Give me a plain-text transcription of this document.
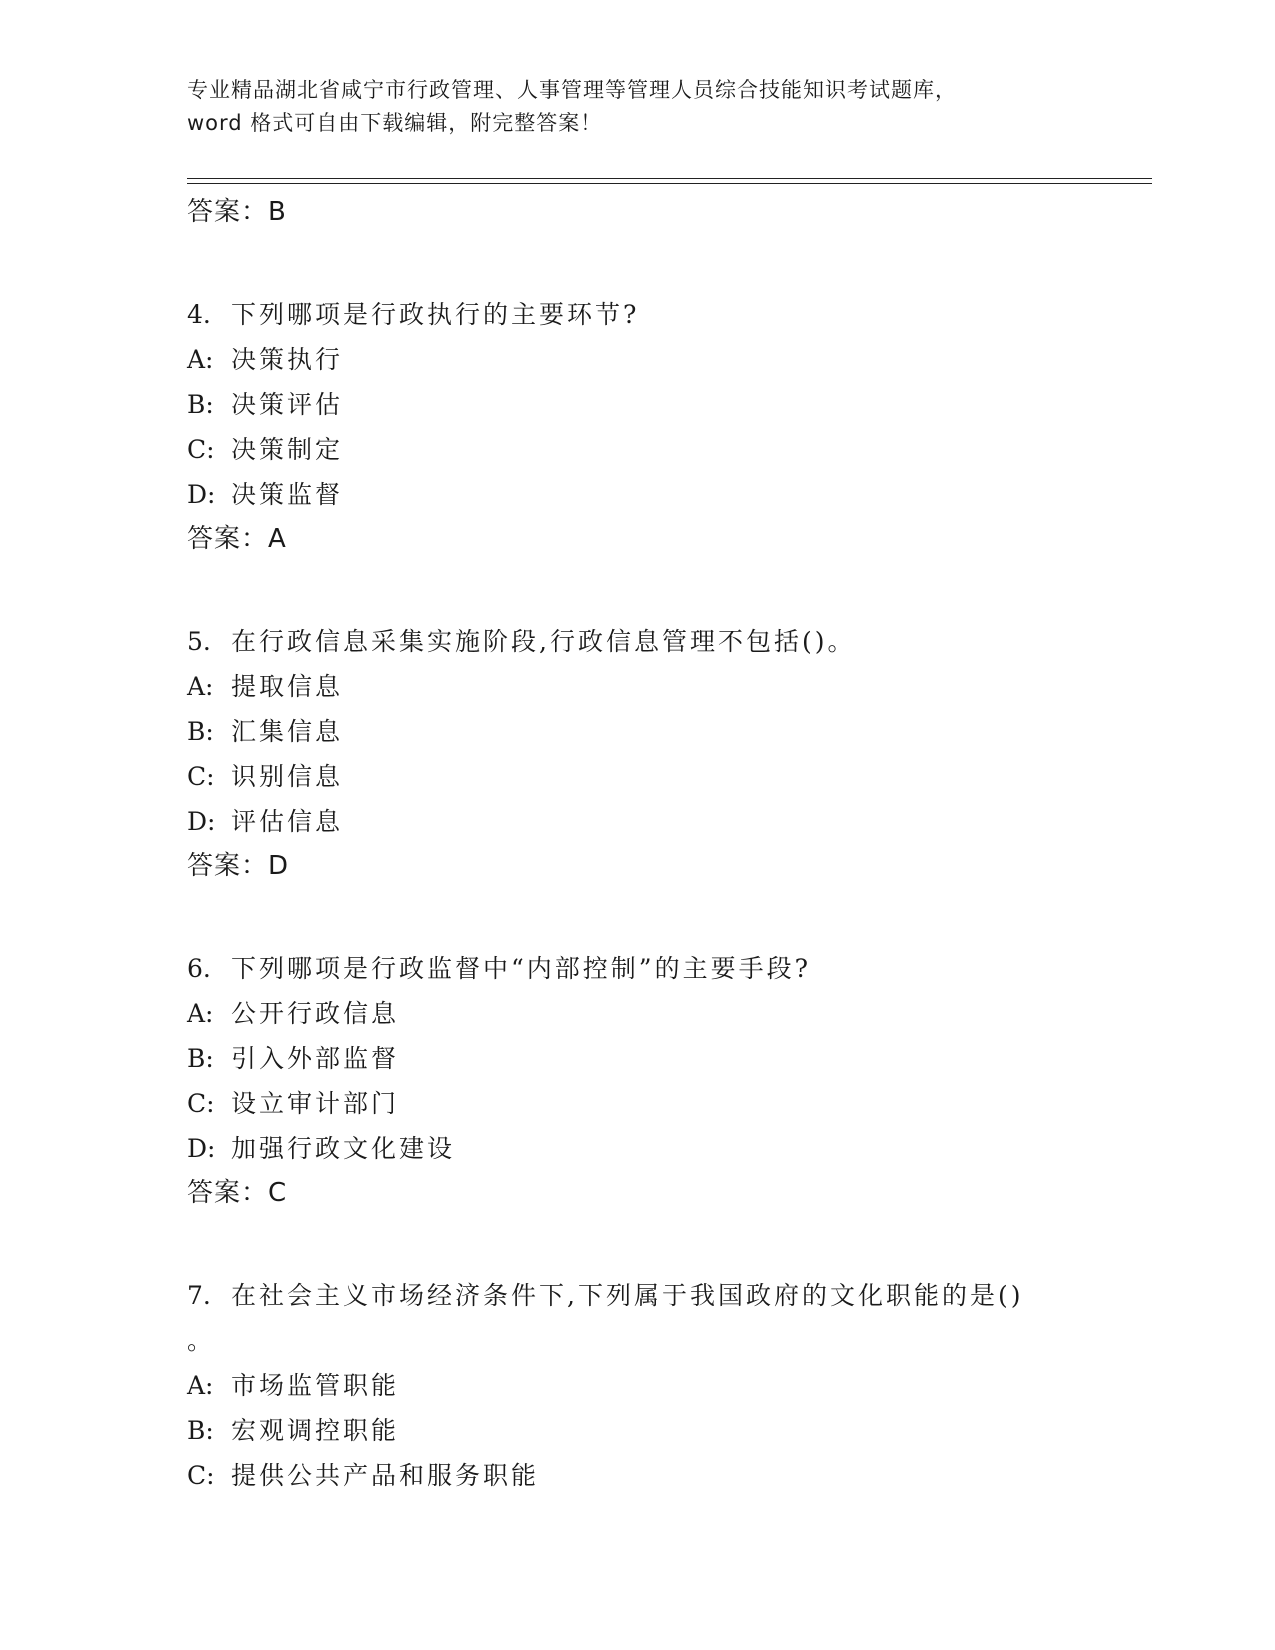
专业精品湖北省咸宁市行政管理、人事管理等管理人员综合技能知识考试题库，
word 格式可自由下载编辑，附完整答案！
答案：B
4. 下列哪项是行政执行的主要环节?
A: 决策执行
B: 决策评估
C: 决策制定
D: 决策监督
答案：A
5. 在行政信息采集实施阶段,行政信息管理不包括()。
A: 提取信息
B: 汇集信息
C: 识别信息
D: 评估信息
答案：D
6. 下列哪项是行政监督中“内部控制”的主要手段?
A: 公开行政信息
B: 引入外部监督
C: 设立审计部门
D: 加强行政文化建设
答案：C
7. 在社会主义市场经济条件下,下列属于我国政府的文化职能的是()
。
A: 市场监管职能
B: 宏观调控职能
C: 提供公共产品和服务职能
